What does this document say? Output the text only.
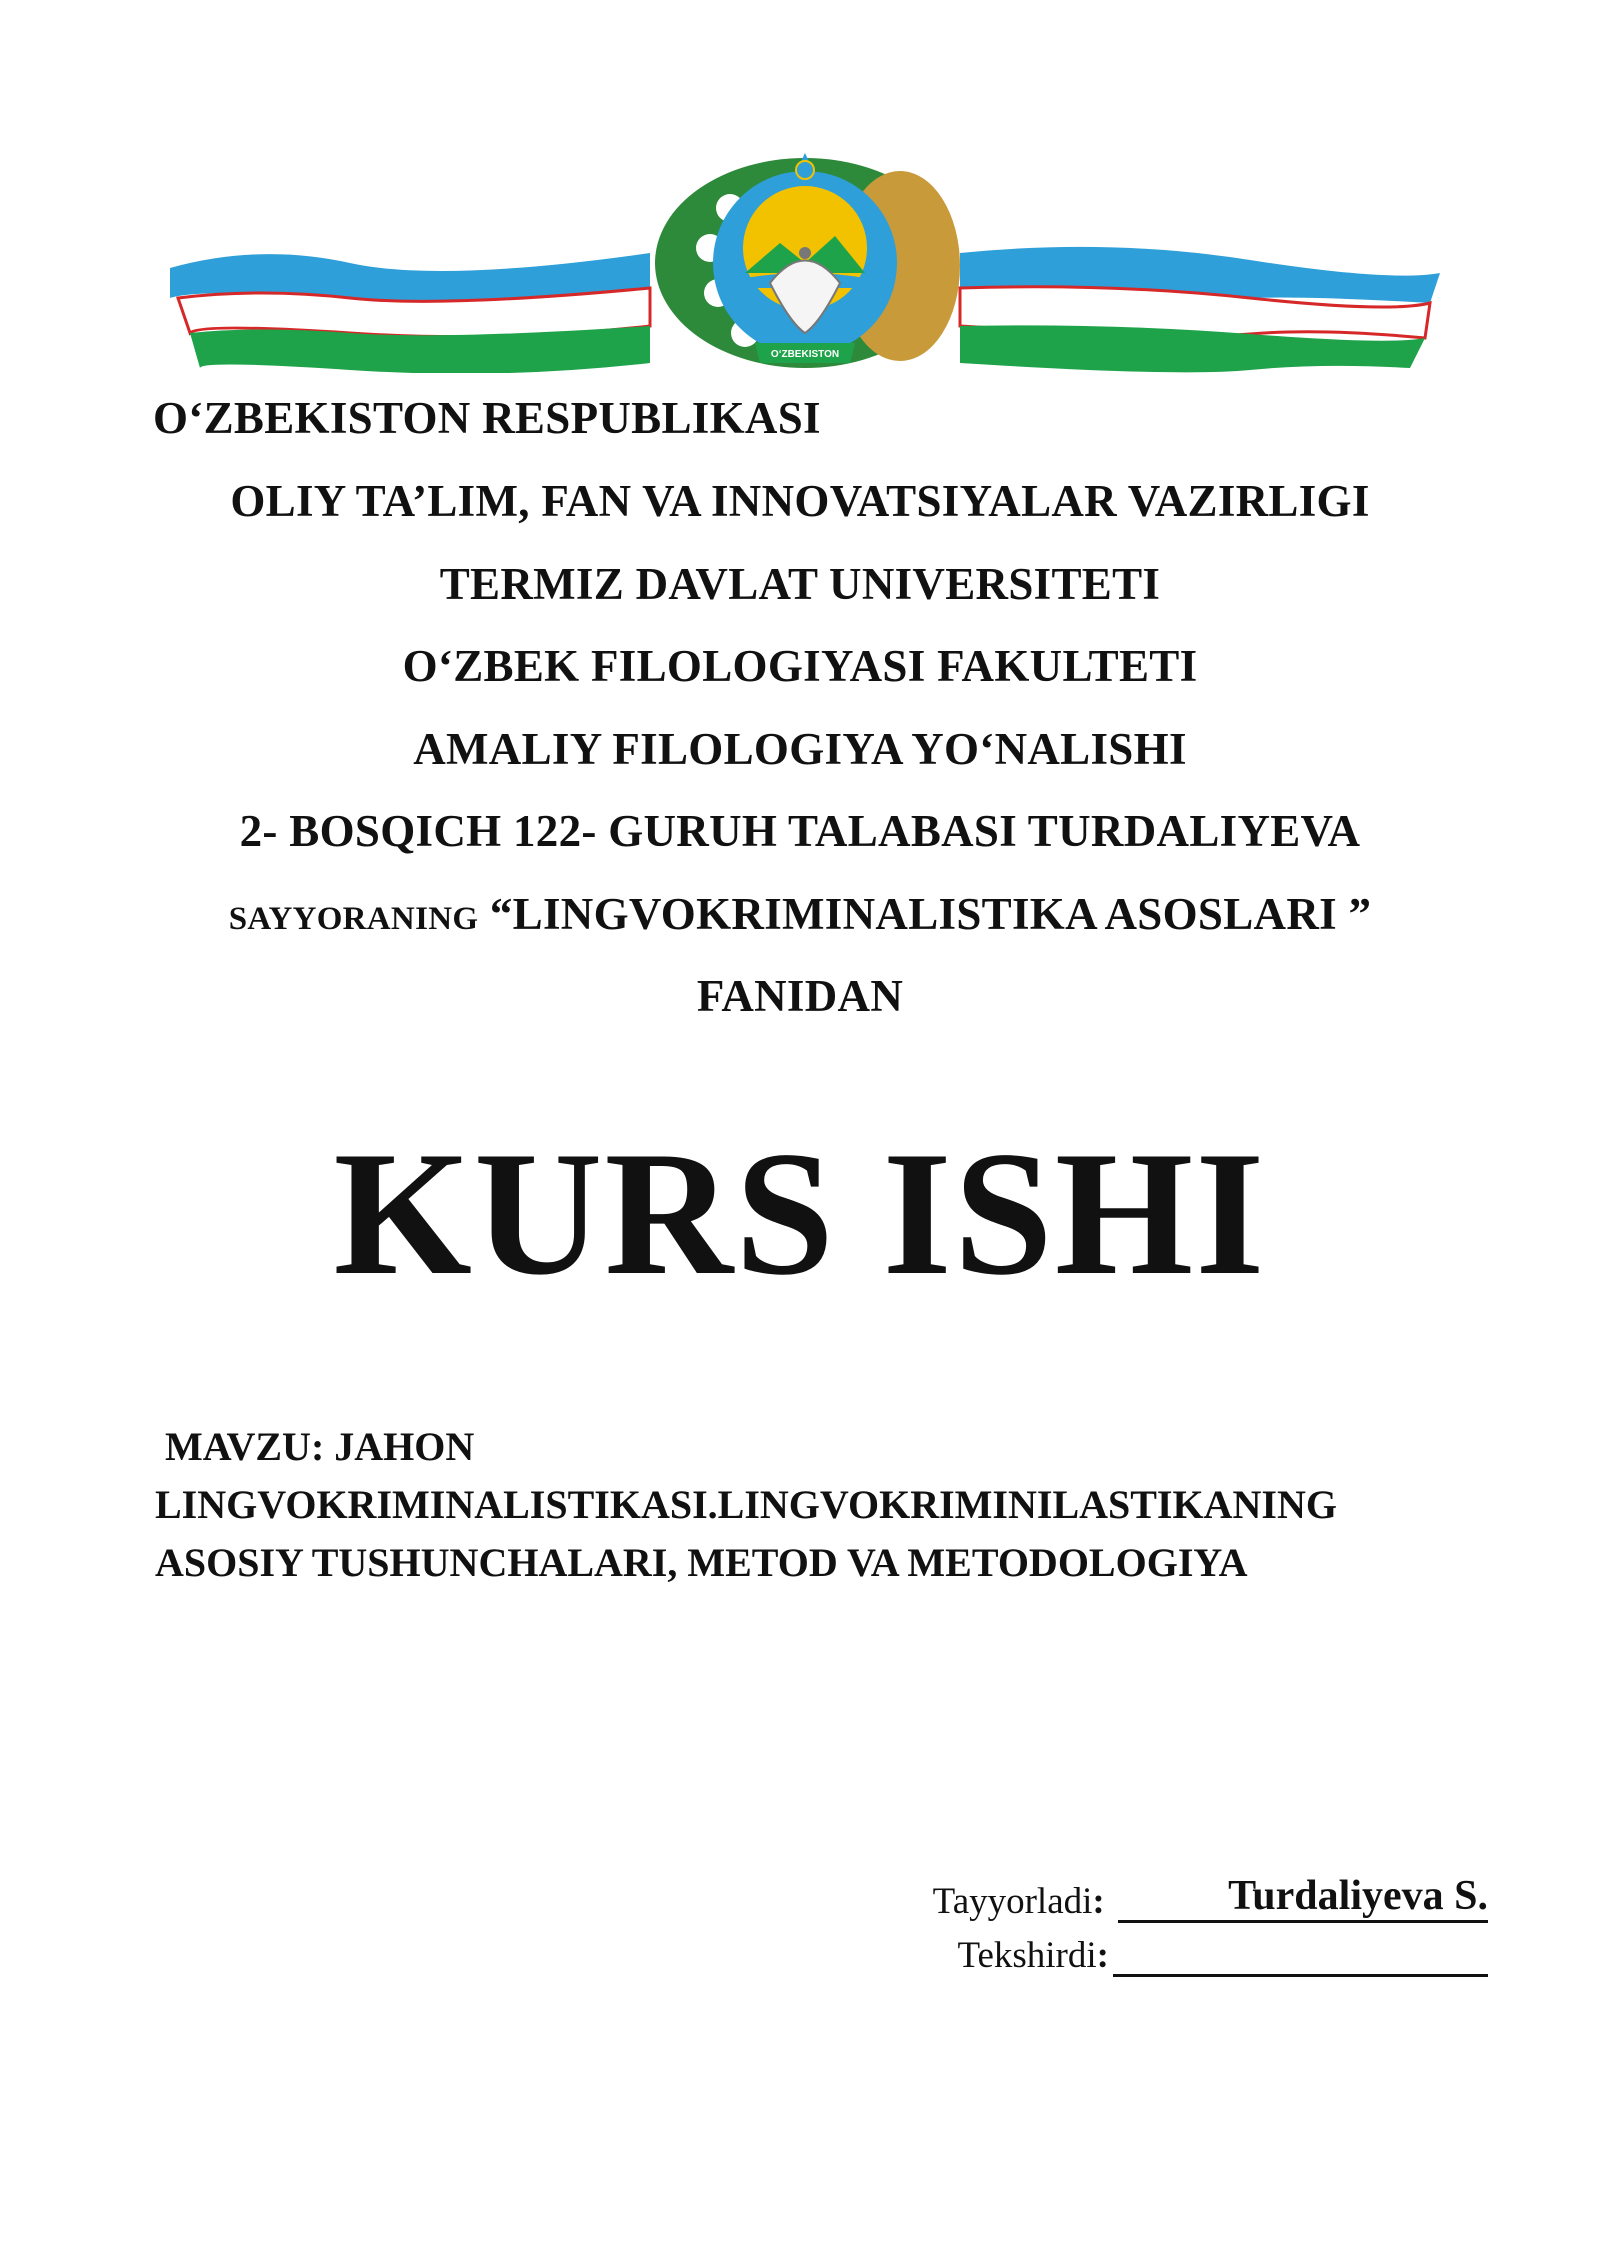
O‘ZBEKISTON
O‘ZBEKISTON RESPUBLIKASI
OLIY TA’LIM, FAN VA INNOVATSIYALAR VAZIRLIGI
TERMIZ DAVLAT UNIVERSITETI
O‘ZBEK FILOLOGIYASI FAKULTETI
AMALIY FILOLOGIYA YO‘NALISHI
2- BOSQICH 122- GURUH TALABASI TURDALIYEVA
SAYYORANING “LINGVOKRIMINALISTIKA ASOSLARI ”
FANIDAN
KURS ISHI
MAVZU: JAHON
LINGVOKRIMINALISTIKASI.LINGVOKRIMINILASTIKANING
ASOSIY TUSHUNCHALARI, METOD VA METODOLOGIYA
Tayyorladi:	Turdaliyeva S.
Tekshirdi:
